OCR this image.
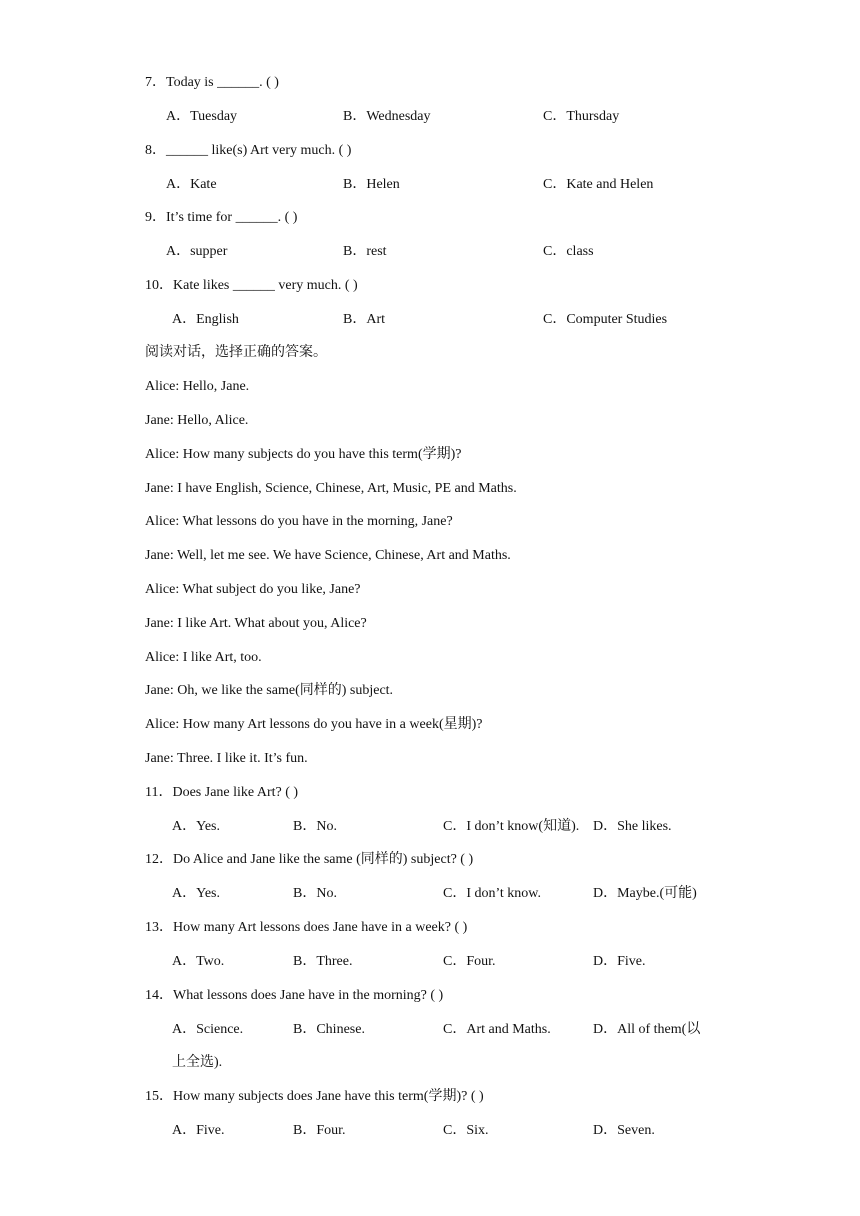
7．Today is ______. ( )
A．Tuesday	B．Wednesday	C．Thursday
8．______ like(s) Art very much. ( )
A．Kate	B．Helen	C．Kate and Helen
9．It’s time for ______. ( )
A．supper	B．rest	C．class
10．Kate likes ______ very much. ( )
A．English	B．Art	C．Computer Studies
阅读对话，选择正确的答案。
Alice: Hello, Jane.
Jane: Hello, Alice.
Alice: How many subjects do you have this term(学期)?
Jane: I have English, Science, Chinese, Art, Music, PE and Maths.
Alice: What lessons do you have in the morning, Jane?
Jane: Well, let me see. We have Science, Chinese, Art and Maths.
Alice: What subject do you like, Jane?
Jane: I like Art. What about you, Alice?
Alice: I like Art, too.
Jane: Oh, we like the same(同样的) subject.
Alice: How many Art lessons do you have in a week(星期)?
Jane: Three. I like it. It’s fun.
11．Does Jane like Art? ( )
A．Yes.	B．No.	C．I don’t know(知道). D．She likes.
12．Do Alice and Jane like the same (同样的) subject? ( )
A．Yes.	B．No.	C．I don’t know.	D．Maybe.(可能)
13．How many Art lessons does Jane have in a week? ( )
A．Two.	B．Three.	C．Four.	D．Five.
14．What lessons does Jane have in the morning? ( )
A．Science.	B．Chinese.	C．Art and Maths.	D．All of them(以
上全选).
15．How many subjects does Jane have this term(学期)? ( )
A．Five.	B．Four.	C．Six.	D．Seven.
